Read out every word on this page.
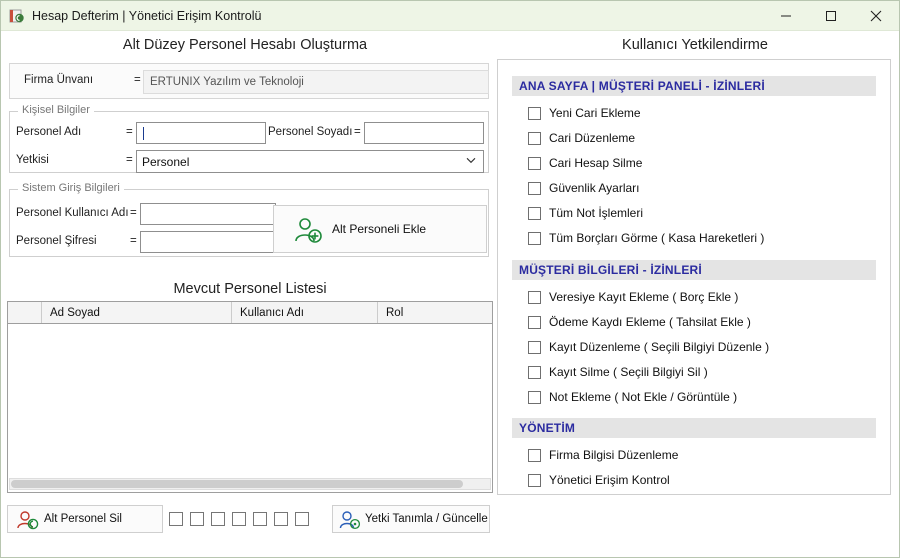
Hesap Defterim | Yönetici Erişim Kontrolü
Alt Düzey Personel Hesabı Oluşturma	Kullanıcı Yetkilendirme
Firma Ünvanı	= ERTUNIX Yazılım ve Teknoloji
Kişisel Bilgiler
Personel Adı	=	Personel Soyadı =
Yetkisi	= Personel
Sistem Giriş Bilgileri
Personel Kullanıcı Adı =
Personel Şifresi	=
Alt Personeli Ekle
Mevcut Personel Listesi
Ad Soyad	Kullanıcı Adı	Rol
Alt Personel Sil	Yetki Tanımla / Güncelle
ANA SAYFA | MÜŞTERİ PANELİ - İZİNLERİ
Yeni Cari Ekleme
Cari Düzenleme
Cari Hesap Silme
Güvenlik Ayarları
Tüm Not İşlemleri
Tüm Borçları Görme ( Kasa Hareketleri )
MÜŞTERİ BİLGİLERİ - İZİNLERİ
Veresiye Kayıt Ekleme ( Borç Ekle )
Ödeme Kaydı Ekleme ( Tahsilat Ekle )
Kayıt Düzenleme ( Seçili Bilgiyi Düzenle )
Kayıt Silme ( Seçili Bilgiyi Sil )
Not Ekleme ( Not Ekle / Görüntüle )
YÖNETİM
Firma Bilgisi Düzenleme
Yönetici Erişim Kontrol
